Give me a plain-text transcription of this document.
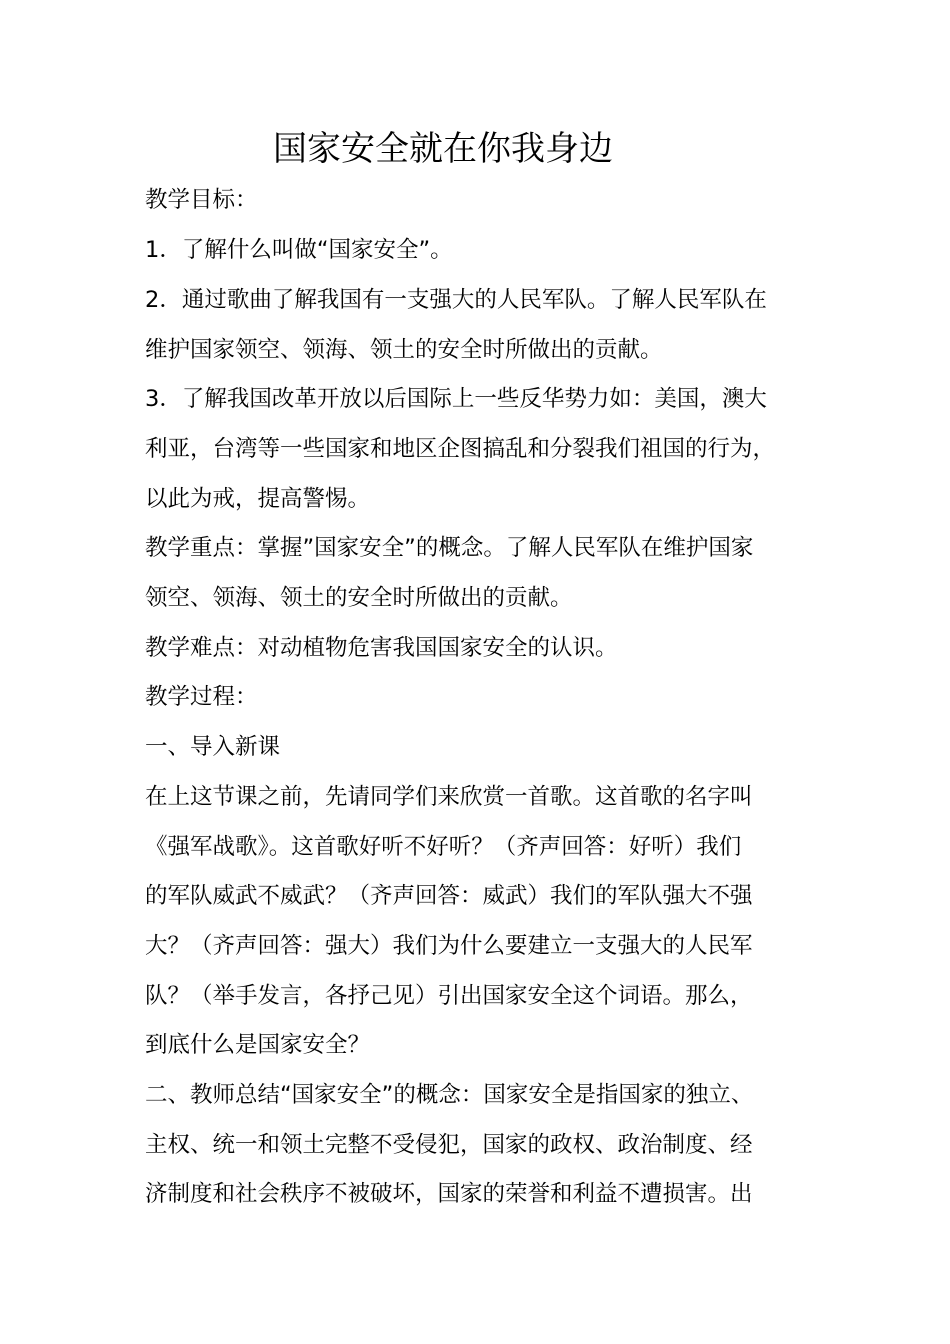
国家安全就在你我身边

教学目标：

1．了解什么叫做“国家安全”。

2．通过歌曲了解我国有一支强大的人民军队。了解人民军队在

维护国家领空、领海、领土的安全时所做出的贡献。

3．了解我国改革开放以后国际上一些反华势力如：美国，澳大

利亚，台湾等一些国家和地区企图搞乱和分裂我们祖国的行为，

以此为戒，提高警惕。

教学重点：掌握”国家安全”的概念。了解人民军队在维护国家

领空、领海、领土的安全时所做出的贡献。

教学难点：对动植物危害我国国家安全的认识。

教学过程：

一、导入新课

在上这节课之前，先请同学们来欣赏一首歌。这首歌的名字叫

《强军战歌》。这首歌好听不好听？（齐声回答：好听）我们

的军队威武不威武？（齐声回答：威武）我们的军队强大不强

大？（齐声回答：强大）我们为什么要建立一支强大的人民军

队？（举手发言，各抒己见）引出国家安全这个词语。那么，

到底什么是国家安全？

二、教师总结“国家安全”的概念：国家安全是指国家的独立、

主权、统一和领土完整不受侵犯，国家的政权、政治制度、经

济制度和社会秩序不被破坏，国家的荣誉和利益不遭损害。出
